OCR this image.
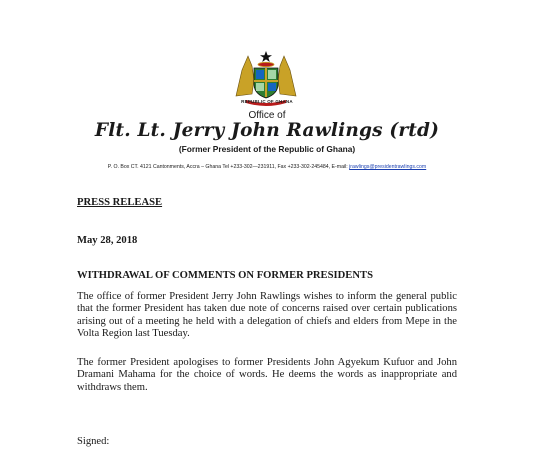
REPUBLIC OF GHANA
Office of
Flt. Lt. Jerry John Rawlings (rtd)
(Former President of the Republic of Ghana)
P. O. Box CT. 4121 Cantonments, Accra – Ghana Tel +233-302—231911, Fax +233-302-245484, E-mail: jrawlings@presidentrawlings.com
PRESS RELEASE
May 28, 2018
WITHDRAWAL OF COMMENTS ON FORMER PRESIDENTS
The office of former President Jerry John Rawlings wishes to inform the general public that the former President has taken due note of concerns raised over certain publications arising out of a meeting he held with a delegation of chiefs and elders from Mepe in the Volta Region last Tuesday.
The former President apologises to former Presidents John Agyekum Kufuor and John Dramani Mahama for the choice of words. He deems the words as inappropriate and withdraws them.
Signed:
